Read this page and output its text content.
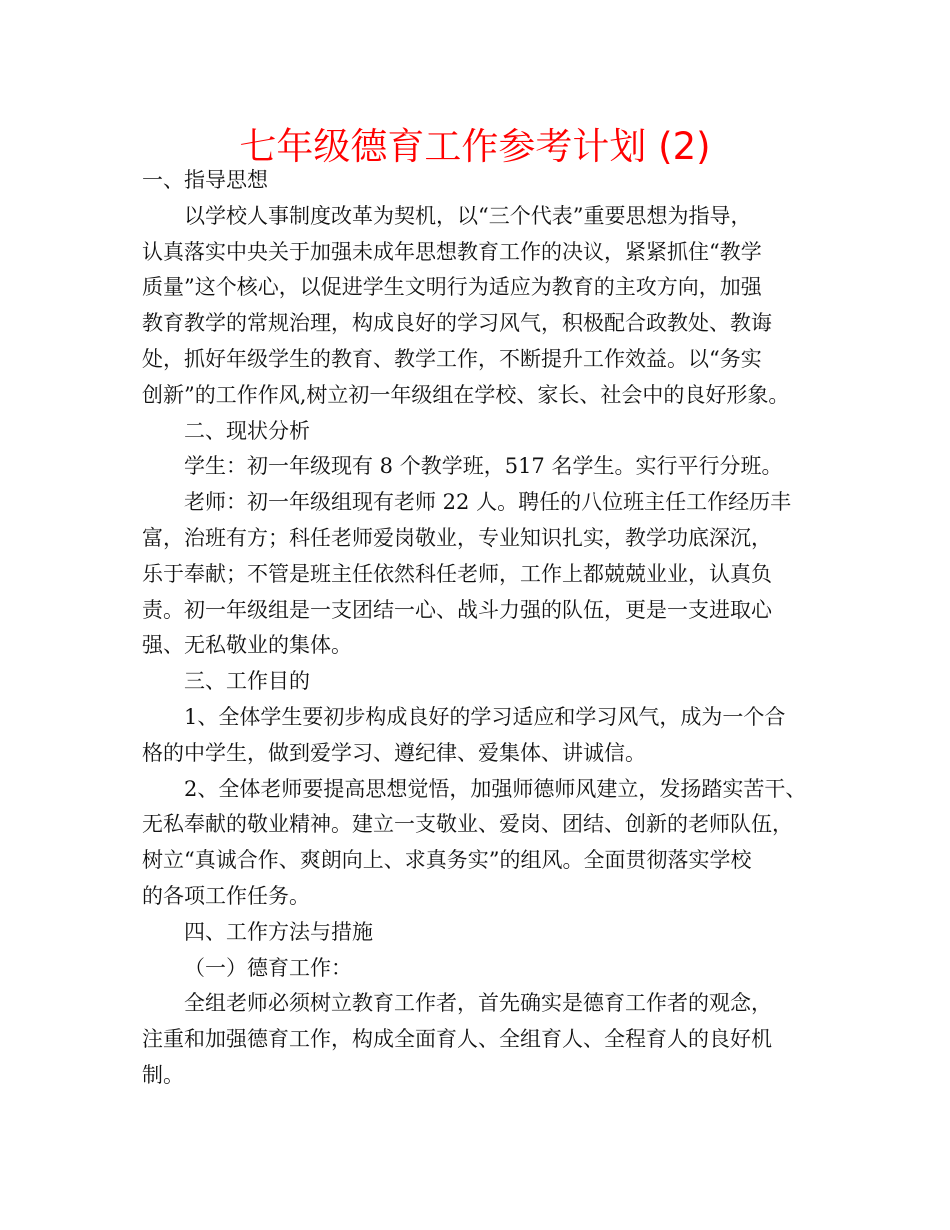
七年级德育工作参考计划 (2)

一、指导思想

以学校人事制度改革为契机，以“三个代表”重要思想为指导，

认真落实中央关于加强未成年思想教育工作的决议，紧紧抓住“教学

质量”这个核心，以促进学生文明行为适应为教育的主攻方向，加强

教育教学的常规治理，构成良好的学习风气，积极配合政教处、教诲

处，抓好年级学生的教育、教学工作，不断提升工作效益。以“务实

创新”的工作作风,树立初一年级组在学校、家长、社会中的良好形象。

二、现状分析

学生：初一年级现有 8 个教学班，517 名学生。实行平行分班。

老师：初一年级组现有老师 22 人。聘任的八位班主任工作经历丰

富，治班有方；科任老师爱岗敬业，专业知识扎实，教学功底深沉，

乐于奉献；不管是班主任依然科任老师，工作上都兢兢业业，认真负

责。初一年级组是一支团结一心、战斗力强的队伍，更是一支进取心

强、无私敬业的集体。

三、工作目的

1、全体学生要初步构成良好的学习适应和学习风气，成为一个合

格的中学生，做到爱学习、遵纪律、爱集体、讲诚信。

2、全体老师要提高思想觉悟，加强师德师风建立，发扬踏实苦干、

无私奉献的敬业精神。建立一支敬业、爱岗、团结、创新的老师队伍，

树立“真诚合作、爽朗向上、求真务实”的组风。全面贯彻落实学校

的各项工作任务。

四、工作方法与措施

（一）德育工作：

全组老师必须树立教育工作者，首先确实是德育工作者的观念，

注重和加强德育工作，构成全面育人、全组育人、全程育人的良好机

制。
